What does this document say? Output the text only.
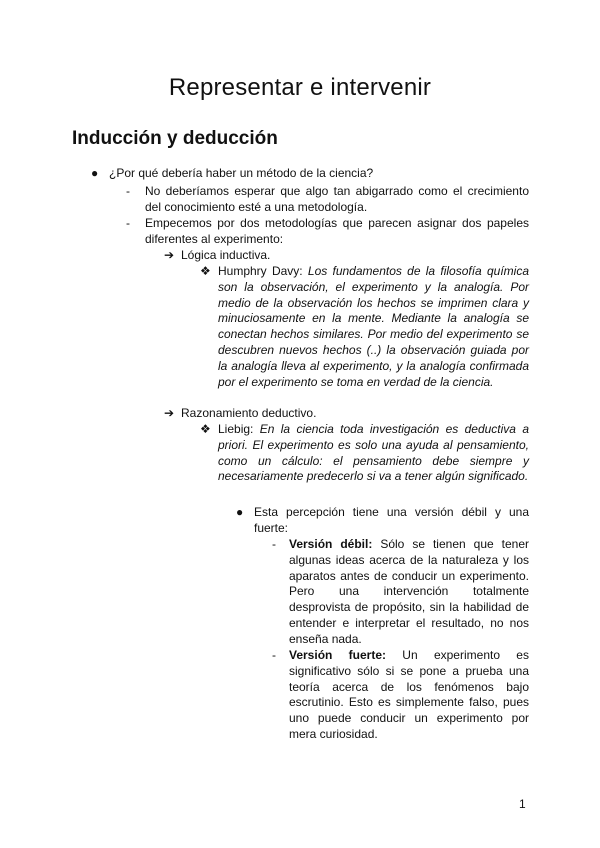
Representar e intervenir
Inducción y deducción
● ¿Por qué debería haber un método de la ciencia?
- No deberíamos esperar que algo tan abigarrado como el crecimiento del conocimiento esté a una metodología.
- Empecemos por dos metodologías que parecen asignar dos papeles diferentes al experimento:
➔ Lógica inductiva.
❖ Humphry Davy: Los fundamentos de la filosofía química son la observación, el experimento y la analogía. Por medio de la observación los hechos se imprimen clara y minuciosamente en la mente. Mediante la analogía se conectan hechos similares. Por medio del experimento se descubren nuevos hechos (..) la observación guiada por la analogía lleva al experimento, y la analogía confirmada por el experimento se toma en verdad de la ciencia.
➔ Razonamiento deductivo.
❖ Liebig: En la ciencia toda investigación es deductiva a priori. El experimento es solo una ayuda al pensamiento, como un cálculo: el pensamiento debe siempre y necesariamente predecerlo si va a tener algún significado.
● Esta percepción tiene una versión débil y una fuerte:
- Versión débil: Sólo se tienen que tener algunas ideas acerca de la naturaleza y los aparatos antes de conducir un experimento. Pero una intervención totalmente desprovista de propósito, sin la habilidad de entender e interpretar el resultado, no nos enseña nada.
- Versión fuerte: Un experimento es significativo sólo si se pone a prueba una teoría acerca de los fenómenos bajo escrutinio. Esto es simplemente falso, pues uno puede conducir un experimento por mera curiosidad.
1
